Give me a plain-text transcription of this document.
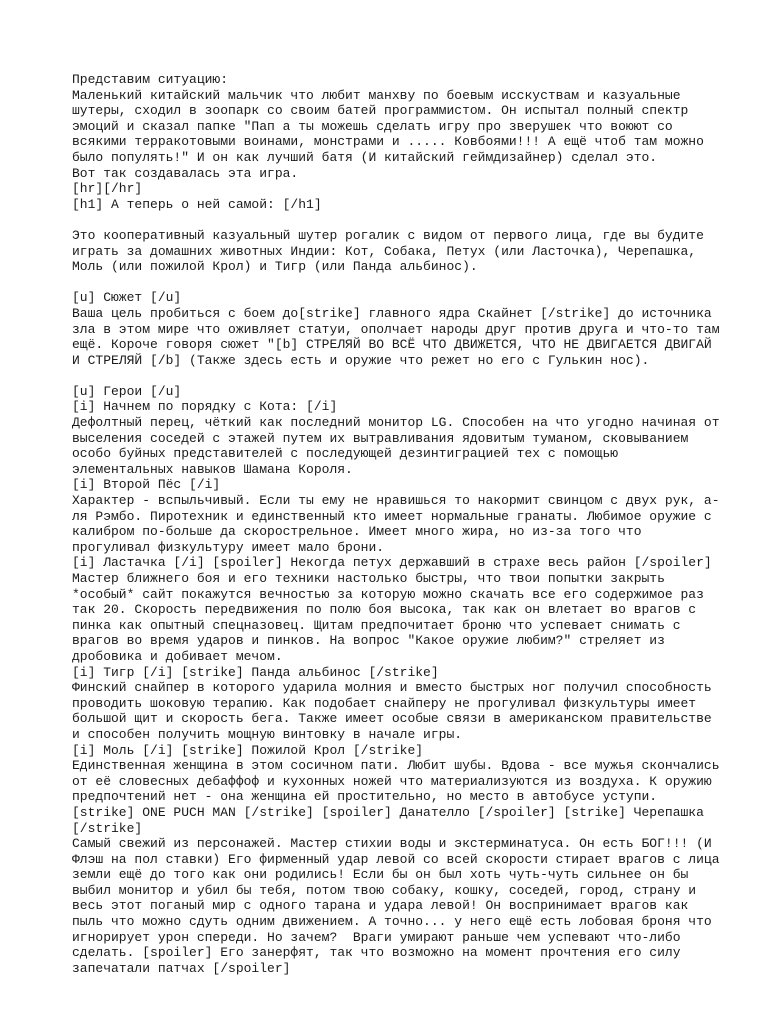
Представим ситуацию:
Маленький китайский мальчик что любит манхву по боевым исскуствам и казуальные
шутеры, сходил в зоопарк со своим батей программистом. Он испытал полный спектр
эмоций и сказал папке "Пап а ты можешь сделать игру про зверушек что воюют со
всякими терракотовыми воинами, монстрами и ..... Ковбоями!!! А ещё чтоб там можно
было популять!" И он как лучший батя (И китайский геймдизайнер) сделал это.
Вот так создавалась эта игра.
[hr][/hr]
[h1] А теперь о ней самой: [/h1]
Это кооперативный казуальный шутер рогалик с видом от первого лица, где вы будите
играть за домашних животных Индии: Кот, Собака, Петух (или Ласточка), Черепашка,
Моль (или пожилой Крол) и Тигр (или Панда альбинос).
[u] Сюжет [/u]
Ваша цель пробиться с боем до[strike] главного ядра Скайнет [/strike] до источника
зла в этом мире что оживляет статуи, ополчает народы друг против друга и что-то там
ещё. Короче говоря сюжет "[b] СТРЕЛЯЙ ВО ВСЁ ЧТО ДВИЖЕТСЯ, ЧТО НЕ ДВИГАЕТСЯ ДВИГАЙ
И СТРЕЛЯЙ [/b] (Также здесь есть и оружие что режет но его с Гулькин нос).
[u] Герои [/u]
[i] Начнем по порядку с Кота: [/i]
Дефолтный перец, чёткий как последний монитор LG. Способен на что угодно начиная от
выселения соседей с этажей путем их вытравливания ядовитым туманом, сковыванием
особо буйных представителей с последующей дезинтиграцией тех с помощью
элементальных навыков Шамана Короля.
[i] Второй Пёс [/i]
Характер - вспыльчивый. Если ты ему не нравишься то накормит свинцом с двух рук, а-
ля Рэмбо. Пиротехник и единственный кто имеет нормальные гранаты. Любимое оружие с
калибром по-больше да скорострельное. Имеет много жира, но из-за того что
прогуливал физкультуру имеет мало брони.
[i] Ластачка [/i] [spoiler] Некогда петух державший в страхе весь район [/spoiler]
Мастер ближнего боя и его техники настолько быстры, что твои попытки закрыть
*особый* сайт покажутся вечностью за которую можно скачать все его содержимое раз
так 20. Скорость передвижения по полю боя высока, так как он влетает во врагов с
пинка как опытный спецназовец. Щитам предпочитает броню что успевает снимать с
врагов во время ударов и пинков. На вопрос "Какое оружие любим?" стреляет из
дробовика и добивает мечом.
[i] Тигр [/i] [strike] Панда альбинос [/strike]
Финский снайпер в которого ударила молния и вместо быстрых ног получил способность
проводить шоковую терапию. Как подобает снайперу не прогуливал физкультуры имеет
большой щит и скорость бега. Также имеет особые связи в американском правительстве
и способен получить мощную винтовку в начале игры.
[i] Моль [/i] [strike] Пожилой Крол [/strike]
Единственная женщина в этом сосичном пати. Любит шубы. Вдова - все мужья скончались
от её словесных дебаффоф и кухонных ножей что материализуются из воздуха. К оружию
предпочтений нет - она женщина ей простительно, но место в автобусе уступи.
[strike] ONE PUCH MAN [/strike] [spoiler] Данателло [/spoiler] [strike] Черепашка
[/strike]
Самый свежий из персонажей. Мастер стихии воды и экстерминатуса. Он есть БОГ!!! (И
Флэш на пол ставки) Его фирменный удар левой со всей скорости стирает врагов с лица
земли ещё до того как они родились! Если бы он был хоть чуть-чуть сильнее он бы
выбил монитор и убил бы тебя, потом твою собаку, кошку, соседей, город, страну и
весь этот поганый мир с одного тарана и удара левой! Он воспринимает врагов как
пыль что можно сдуть одним движением. А точно... у него ещё есть лобовая броня что
игнорирует урон спереди. Но зачем?  Враги умирают раньше чем успевают что-либо
сделать. [spoiler] Его занерфят, так что возможно на момент прочтения его силу
запечатали патчах [/spoiler]
